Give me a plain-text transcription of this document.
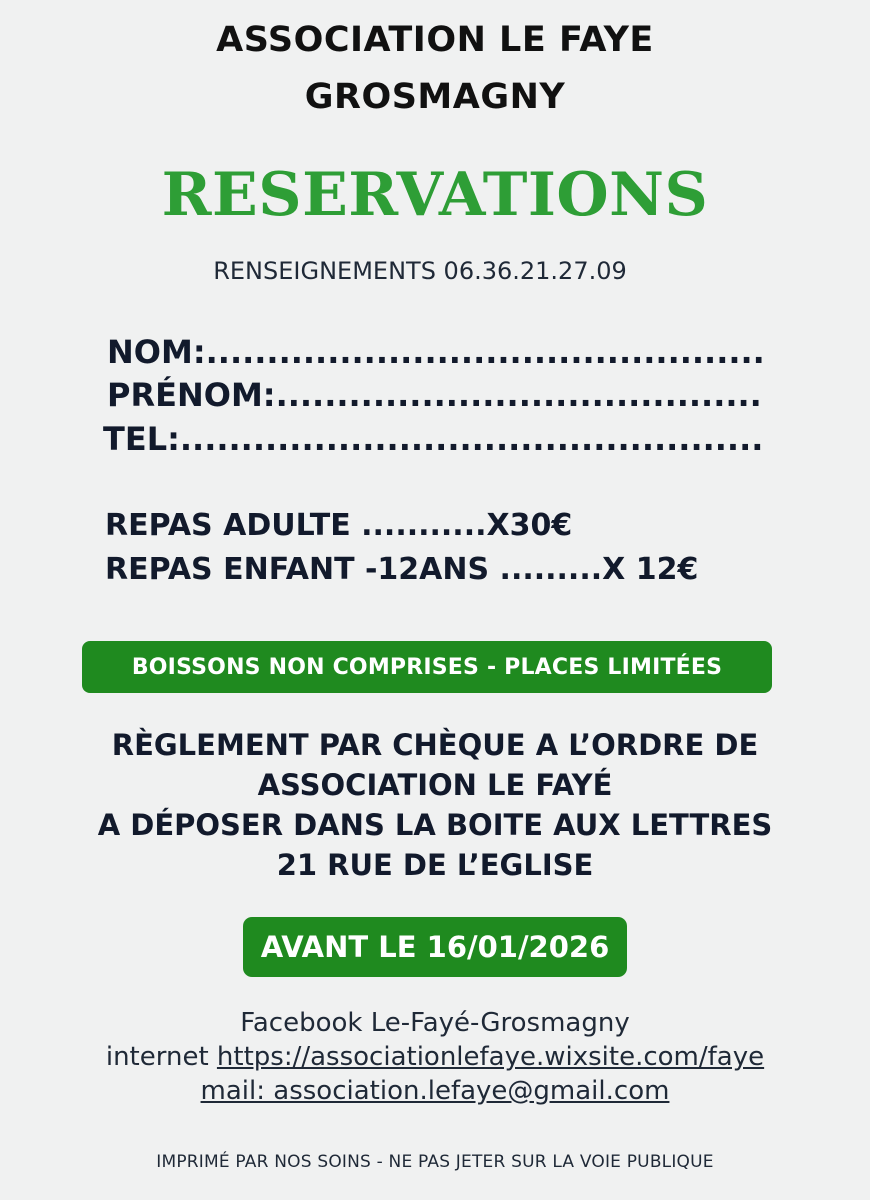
ASSOCIATION LE FAYE
GROSMAGNY
RESERVATIONS
RENSEIGNEMENTS 06.36.21.27.09
NOM:..............................................
PRÉNOM:........................................
TEL:................................................
REPAS ADULTE ...........X30€
REPAS ENFANT -12ANS .........X 12€
BOISSONS NON COMPRISES - PLACES LIMITÉES
RÈGLEMENT PAR CHÈQUE A L’ORDRE DE
ASSOCIATION LE FAYÉ
A DÉPOSER DANS LA BOITE AUX LETTRES
21 RUE DE L’EGLISE
AVANT LE 16/01/2026
Facebook Le-Fayé-Grosmagny
internet https://associationlefaye.wixsite.com/faye
mail: association.lefaye@gmail.com
IMPRIMÉ PAR NOS SOINS - NE PAS JETER SUR LA VOIE PUBLIQUE
